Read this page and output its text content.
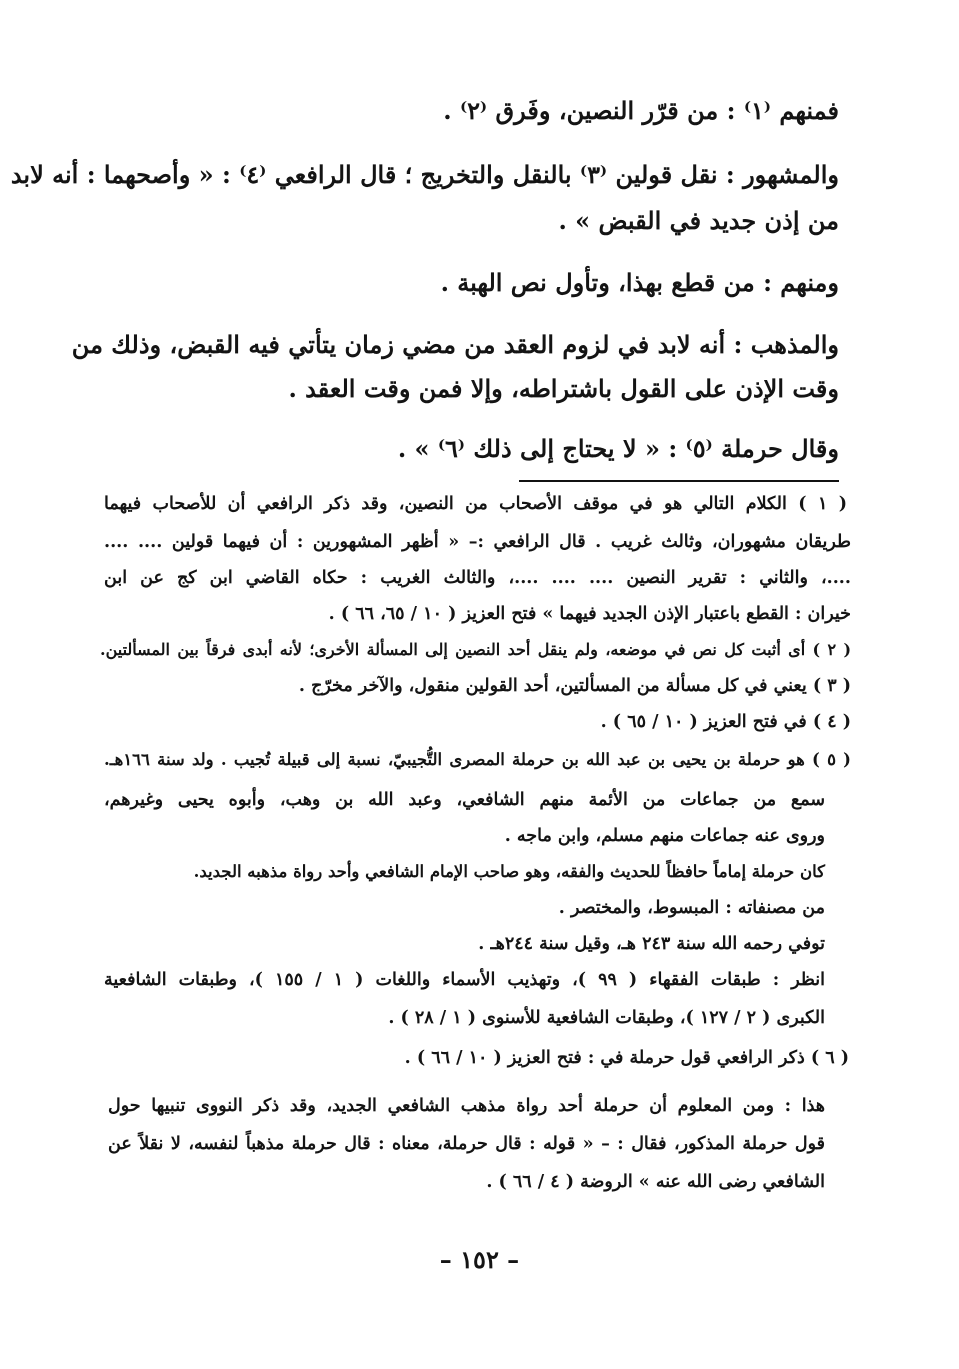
فمنهم ⁽١⁾ : من قرّر النصين، وفَرق ⁽٢⁾ .
والمشهور : نقل قولين ⁽٣⁾ بالنقل والتخريج ؛ قال الرافعي ⁽٤⁾ : « وأصحهما : أنه لابد
من إذن جديد في القبض » .
ومنهم : من قطع بهذا، وتأول نص الهبة .
والمذهب : أنه لابد في لزوم العقد من مضي زمان يتأتي فيه القبض، وذلك من
وقت الإذن على القول باشتراطه، وإلا فمن وقت العقد .
وقال حرملة ⁽٥⁾ : « لا يحتاج إلى ذلك ⁽٦⁾ » .
( ١ ) الكلام التالي هو في موقف الأصحاب من النصين، وقد ذكر الرافعي أن للأصحاب فيهما
طريقان مشهوران، وثالث غريب . قال الرافعي :– « أظهر المشهورين : أن فيهما قولين .... ....
....، والثاني : تقرير النصين .... .... ....، والثالث الغريب : حكاه القاضي ابن كج عن ابن
خيران : القطع باعتبار الإذن الجديد فيهما » فتح العزيز ( ١٠ / ٦٥، ٦٦ ) .
( ٢ ) أى أثبت كل نص في موضعه، ولم ينقل أحد النصين إلى المسألة الأخرى؛ لأنه أبدى فرقاً بين المسألتين.
( ٣ ) يعني في كل مسألة من المسألتين، أحد القولين منقول، والآخر مخرّج .
( ٤ ) في فتح العزيز ( ١٠ / ٦٥ ) .
( ٥ ) هو حرملة بن يحيى بن عبد الله بن حرملة المصرى التُّجيبيّ، نسبة إلى قبيلة تُجيب . ولد سنة ١٦٦هـ.
سمع من جماعات من الأئمة منهم الشافعي، وعبد الله بن وهب، وأبوه يحيى وغيرهم،
وروى عنه جماعات منهم مسلم، وابن ماجه .
كان حرملة إماماً حافظاً للحديث والفقه، وهو صاحب الإمام الشافعي وأحد رواة مذهبه الجديد.
من مصنفاته : المبسوط، والمختصر .
توفي رحمه الله سنة ٢٤٣ هـ، وقيل سنة ٢٤٤هـ .
انظر : طبقات الفقهاء ( ٩٩ )، وتهذيب الأسماء واللغات ( ١ / ١٥٥ )، وطبقات الشافعية
الكبرى ( ٢ / ١٢٧ )، وطبقات الشافعية للأسنوى ( ١ / ٢٨ ) .
( ٦ ) ذكر الرافعي قول حرملة في : فتح العزيز ( ١٠ / ٦٦ ) .
هذا : ومن المعلوم أن حرملة أحد رواة مذهب الشافعي الجديد، وقد ذكر النووى تنبيها حول
قول حرملة المذكور، فقال : – « قوله : قال حرملة، معناه : قال حرملة مذهباً لنفسه، لا نقلاً عن
الشافعي رضى الله عنه » الروضة ( ٤ / ٦٦ ) .
– ١٥٢ –
